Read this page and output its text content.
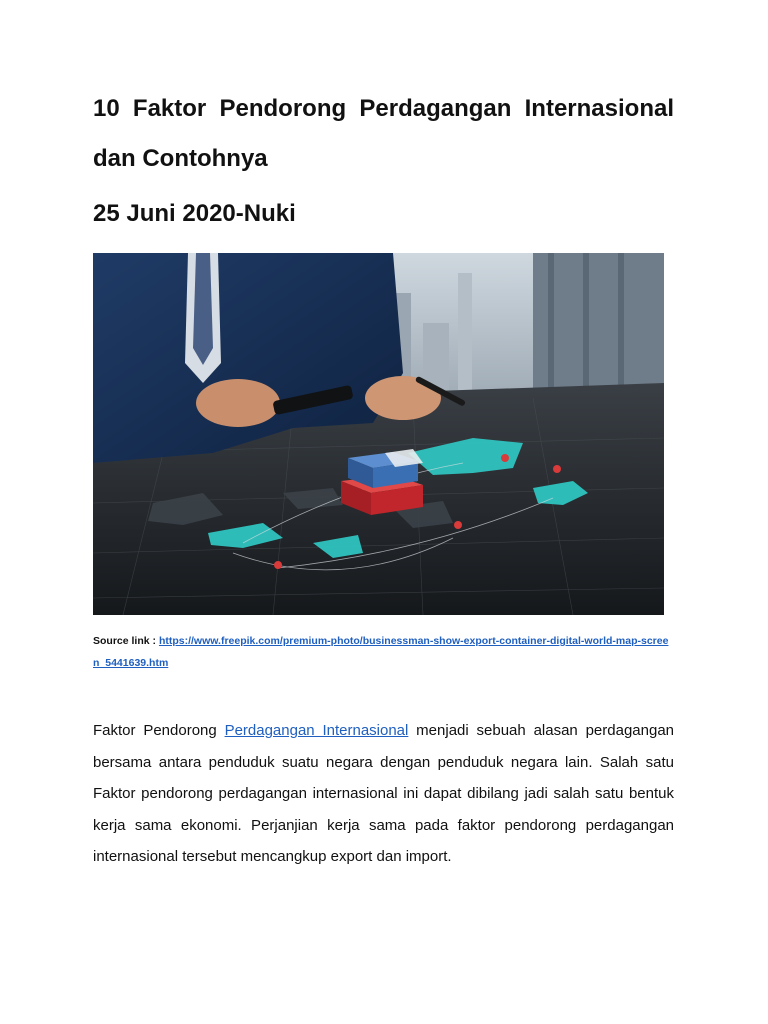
10 Faktor Pendorong Perdagangan Internasional dan Contohnya
25 Juni 2020-Nuki
Source link : https://www.freepik.com/premium-photo/businessman-show-export-container-digital-world-map-screen_5441639.htm

Faktor Pendorong Perdagangan Internasional menjadi sebuah alasan perdagangan bersama antara penduduk suatu negara dengan penduduk negara lain. Salah satu Faktor pendorong perdagangan internasional ini dapat dibilang jadi salah satu bentuk kerja sama ekonomi. Perjanjian kerja sama pada faktor pendorong perdagangan internasional tersebut mencangkup export dan import.
